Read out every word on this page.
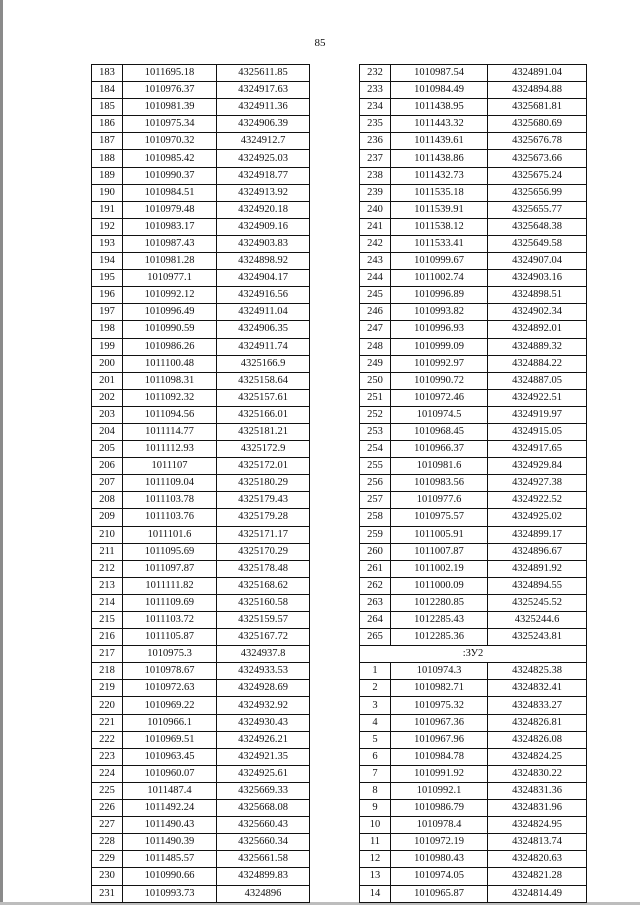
85
183	1011695.18	4325611.85
184	1010976.37	4324917.63
185	1010981.39	4324911.36
186	1010975.34	4324906.39
187	1010970.32	4324912.7
188	1010985.42	4324925.03
189	1010990.37	4324918.77
190	1010984.51	4324913.92
191	1010979.48	4324920.18
192	1010983.17	4324909.16
193	1010987.43	4324903.83
194	1010981.28	4324898.92
195	1010977.1	4324904.17
196	1010992.12	4324916.56
197	1010996.49	4324911.04
198	1010990.59	4324906.35
199	1010986.26	4324911.74
200	1011100.48	4325166.9
201	1011098.31	4325158.64
202	1011092.32	4325157.61
203	1011094.56	4325166.01
204	1011114.77	4325181.21
205	1011112.93	4325172.9
206	1011107	4325172.01
207	1011109.04	4325180.29
208	1011103.78	4325179.43
209	1011103.76	4325179.28
210	1011101.6	4325171.17
211	1011095.69	4325170.29
212	1011097.87	4325178.48
213	1011111.82	4325168.62
214	1011109.69	4325160.58
215	1011103.72	4325159.57
216	1011105.87	4325167.72
217	1010975.3	4324937.8
218	1010978.67	4324933.53
219	1010972.63	4324928.69
220	1010969.22	4324932.92
221	1010966.1	4324930.43
222	1010969.51	4324926.21
223	1010963.45	4324921.35
224	1010960.07	4324925.61
225	1011487.4	4325669.33
226	1011492.24	4325668.08
227	1011490.43	4325660.43
228	1011490.39	4325660.34
229	1011485.57	4325661.58
230	1010990.66	4324899.83
231	1010993.73	4324896
232	1010987.54	4324891.04
233	1010984.49	4324894.88
234	1011438.95	4325681.81
235	1011443.32	4325680.69
236	1011439.61	4325676.78
237	1011438.86	4325673.66
238	1011432.73	4325675.24
239	1011535.18	4325656.99
240	1011539.91	4325655.77
241	1011538.12	4325648.38
242	1011533.41	4325649.58
243	1010999.67	4324907.04
244	1011002.74	4324903.16
245	1010996.89	4324898.51
246	1010993.82	4324902.34
247	1010996.93	4324892.01
248	1010999.09	4324889.32
249	1010992.97	4324884.22
250	1010990.72	4324887.05
251	1010972.46	4324922.51
252	1010974.5	4324919.97
253	1010968.45	4324915.05
254	1010966.37	4324917.65
255	1010981.6	4324929.84
256	1010983.56	4324927.38
257	1010977.6	4324922.52
258	1010975.57	4324925.02
259	1011005.91	4324899.17
260	1011007.87	4324896.67
261	1011002.19	4324891.92
262	1011000.09	4324894.55
263	1012280.85	4325245.52
264	1012285.43	4325244.6
265	1012285.36	4325243.81
:ЗУ2		
1	1010974.3	4324825.38
2	1010982.71	4324832.41
3	1010975.32	4324833.27
4	1010967.36	4324826.81
5	1010967.96	4324826.08
6	1010984.78	4324824.25
7	1010991.92	4324830.22
8	1010992.1	4324831.36
9	1010986.79	4324831.96
10	1010978.4	4324824.95
11	1010972.19	4324813.74
12	1010980.43	4324820.63
13	1010974.05	4324821.28
14	1010965.87	4324814.49
